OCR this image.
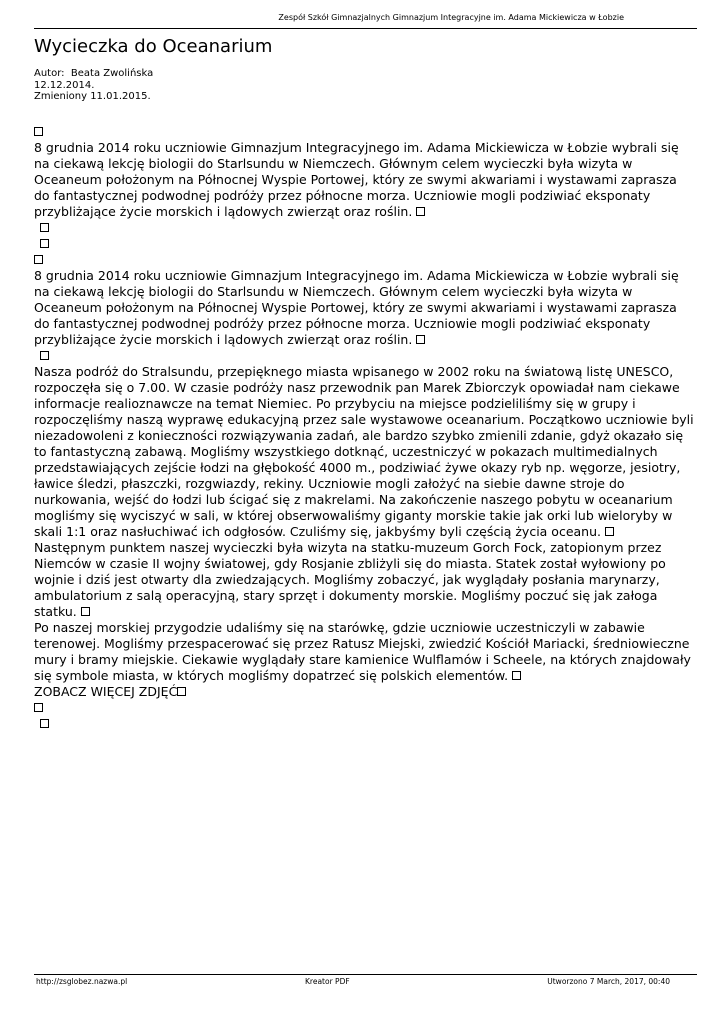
Zespół Szkół Gimnazjalnych Gimnazjum Integracyjne im. Adama Mickiewicza w Łobzie
Wycieczka do Oceanarium
Autor: Beata Zwolińska
12.12.2014.
Zmieniony 11.01.2015.

8 grudnia 2014 roku uczniowie Gimnazjum Integracyjnego im. Adama Mickiewicza w Łobzie wybrali się na ciekawą lekcję biologii do Starlsundu w Niemczech. Głównym celem wycieczki była wizyta w Oceaneum położonym na Północnej Wyspie Portowej, który ze swymi akwariami i wystawami zaprasza do fantastycznej podwodnej podróży przez północne morza. Uczniowie mogli podziwiać eksponaty przybliżające życie morskich i lądowych zwierząt oraz roślin.

8 grudnia 2014 roku uczniowie Gimnazjum Integracyjnego im. Adama Mickiewicza w Łobzie wybrali się na ciekawą lekcję biologii do Starlsundu w Niemczech. Głównym celem wycieczki była wizyta w Oceaneum położonym na Północnej Wyspie Portowej, który ze swymi akwariami i wystawami zaprasza do fantastycznej podwodnej podróży przez północne morza. Uczniowie mogli podziwiać eksponaty przybliżające życie morskich i lądowych zwierząt oraz roślin.

Nasza podróż do Stralsundu, przepięknego miasta wpisanego w 2002 roku na światową listę UNESCO, rozpoczęła się o 7.00. W czasie podróży nasz przewodnik pan Marek Zbiorczyk opowiadał nam ciekawe informacje realioznawcze na temat Niemiec. Po przybyciu na miejsce podzieliliśmy się w grupy i rozpoczęliśmy naszą wyprawę edukacyjną przez sale wystawowe oceanarium. Początkowo uczniowie byli niezadowoleni z konieczności rozwiązywania zadań, ale bardzo szybko zmienili zdanie, gdyż okazało się to fantastyczną zabawą. Mogliśmy wszystkiego dotknąć, uczestniczyć w pokazach multimedialnych przedstawiających zejście łodzi na głębokość 4000 m., podziwiać żywe okazy ryb np. węgorze, jesiotry, ławice śledzi, płaszczki, rozgwiazdy, rekiny. Uczniowie mogli założyć na siebie dawne stroje do nurkowania, wejść do łodzi lub ścigać się z makrelami. Na zakończenie naszego pobytu w oceanarium mogliśmy się wyciszyć w sali, w której obserwowaliśmy giganty morskie takie jak orki lub wieloryby w skali 1:1 oraz nasłuchiwać ich odgłosów. Czuliśmy się, jakbyśmy byli częścią życia oceanu.

Następnym punktem naszej wycieczki była wizyta na statku-muzeum Gorch Fock, zatopionym przez Niemców w czasie II wojny światowej, gdy Rosjanie zbliżyli się do miasta. Statek został wyłowiony po wojnie i dziś jest otwarty dla zwiedzających. Mogliśmy zobaczyć, jak wyglądały posłania marynarzy, ambulatorium z salą operacyjną, stary sprzęt i dokumenty morskie. Mogliśmy poczuć się jak załoga statku.

Po naszej morskiej przygodzie udaliśmy się na starówkę, gdzie uczniowie uczestniczyli w zabawie terenowej. Mogliśmy przespacerować się przez Ratusz Miejski, zwiedzić Kościół Mariacki, średniowieczne mury i bramy miejskie. Ciekawie wyglądały stare kamienice Wulflamów i Scheele, na których znajdowały się symbole miasta, w których mogliśmy dopatrzeć się polskich elementów.

ZOBACZ WIĘCEJ ZDJĘĆ

http://zsglobez.nazwa.pl	Kreator PDF	Utworzono 7 March, 2017, 00:40
